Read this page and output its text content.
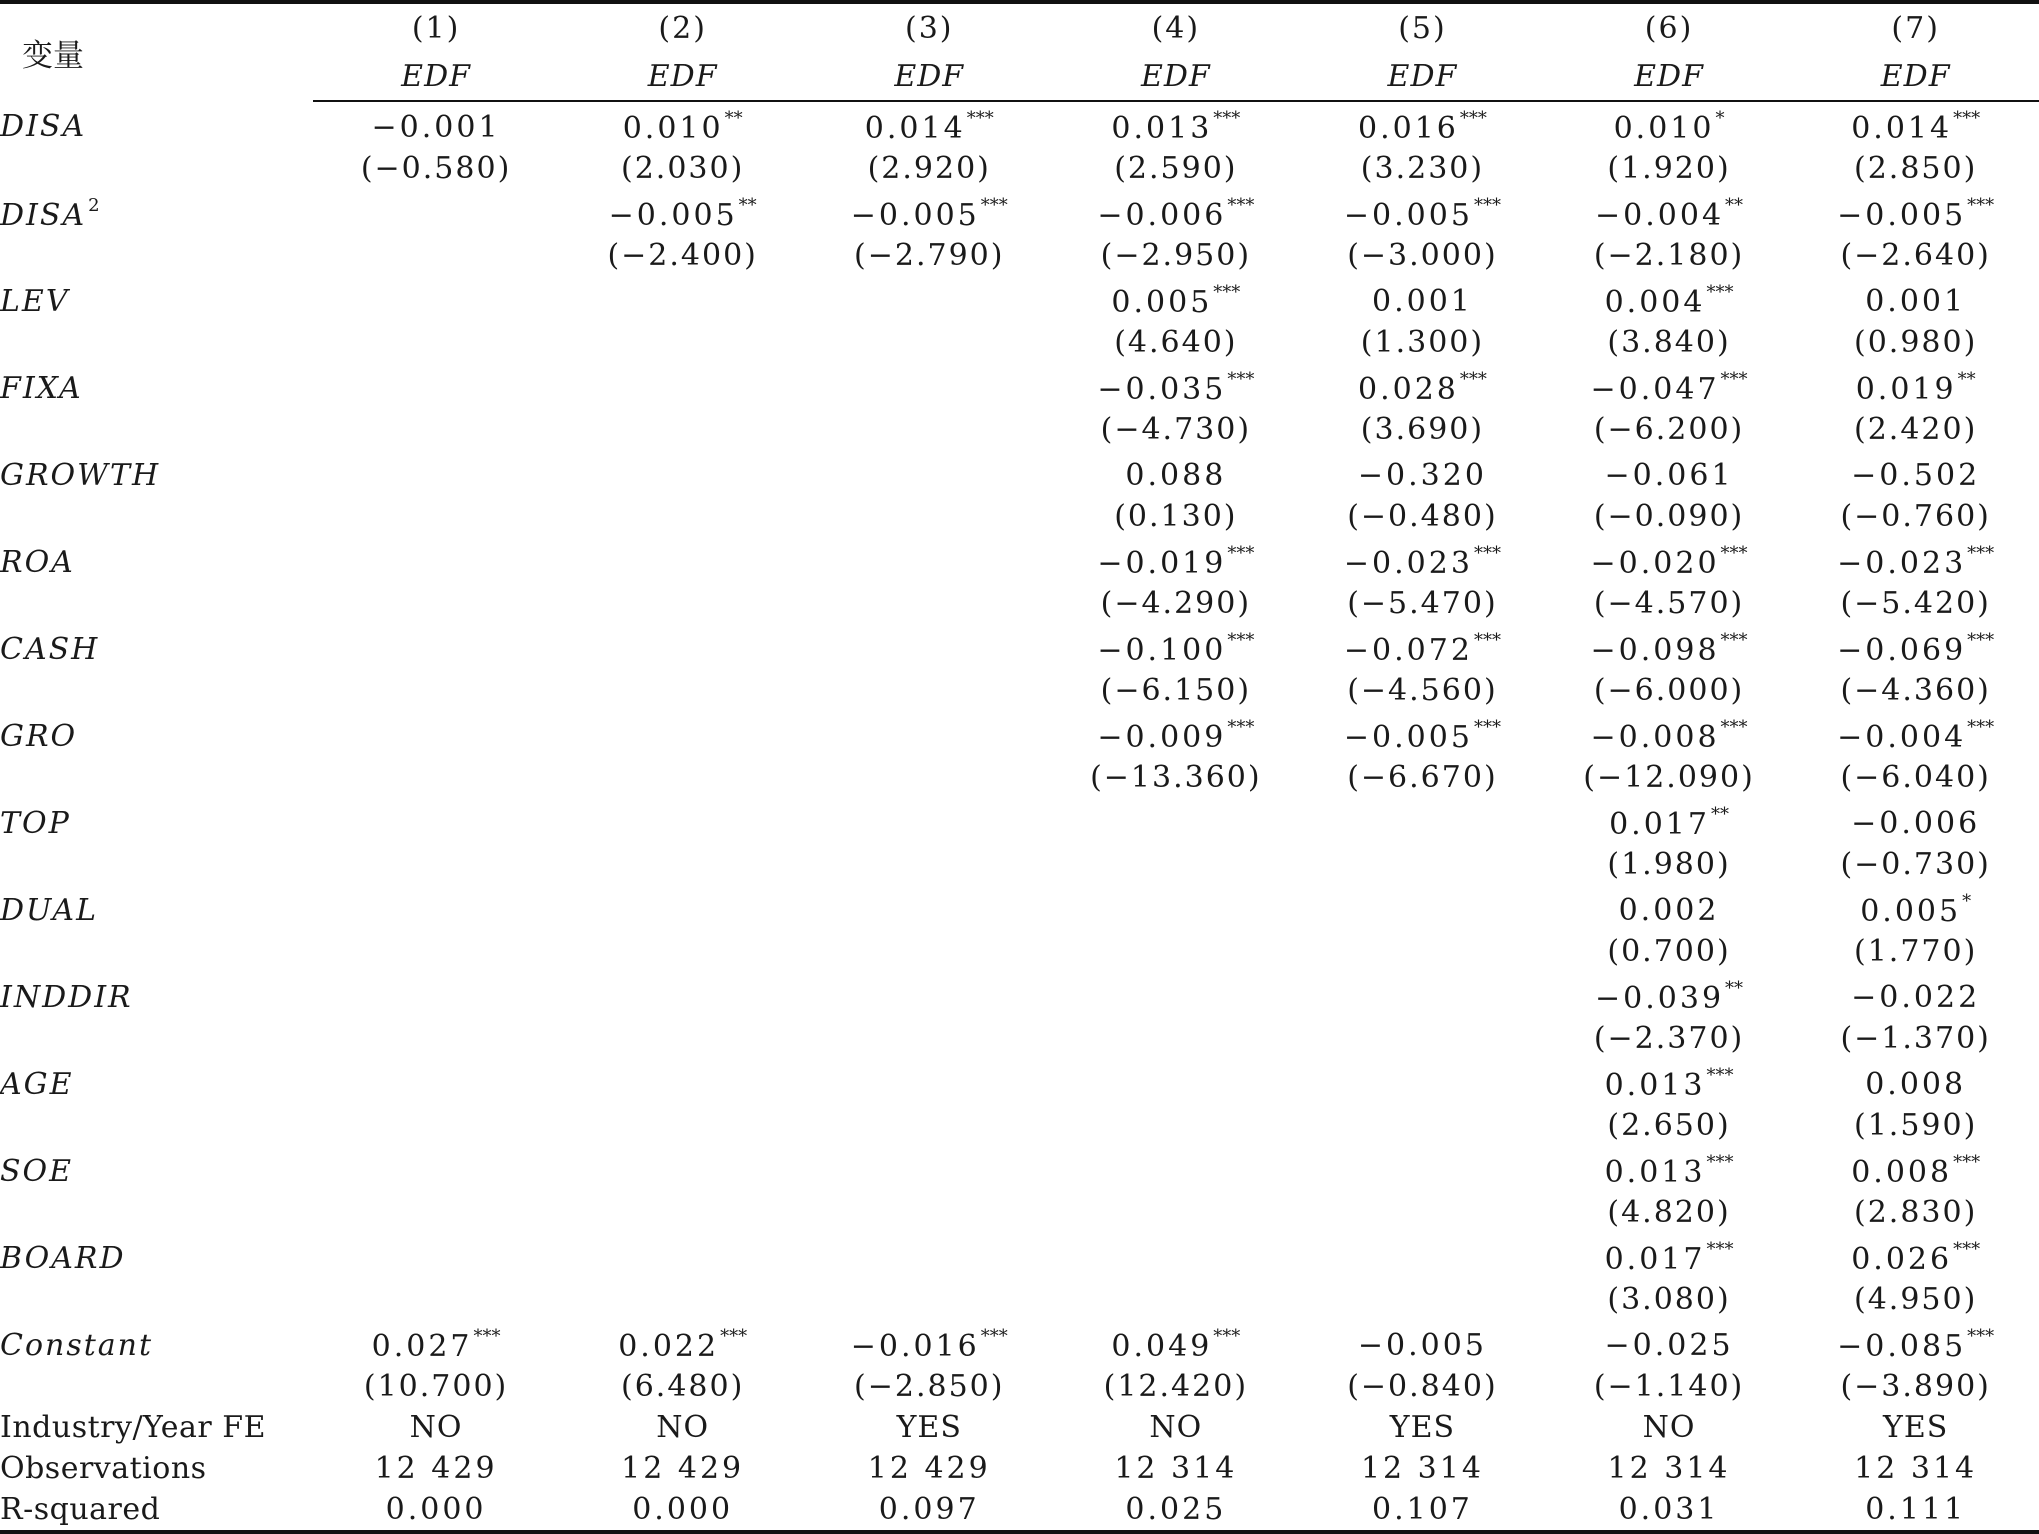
变量	(1)	(2)	(3)	(4)	(5)	(6)	(7)
	EDF	EDF	EDF	EDF	EDF	EDF	EDF
DISA	−0.001	0.010**	0.014***	0.013***	0.016***	0.010*	0.014***
	(−0.580)	(2.030)	(2.920)	(2.590)	(3.230)	(1.920)	(2.850)
DISA $^2$		−0.005**	−0.005***	−0.006***	−0.005***	−0.004**	−0.005***
		(−2.400)	(−2.790)	(−2.950)	(−3.000)	(−2.180)	(−2.640)
LEV				0.005***	0.001	0.004***	0.001
				(4.640)	(1.300)	(3.840)	(0.980)
FIXA				−0.035***	0.028***	−0.047***	0.019**
				(−4.730)	(3.690)	(−6.200)	(2.420)
GROWTH				0.088	−0.320	−0.061	−0.502
				(0.130)	(−0.480)	(−0.090)	(−0.760)
ROA				−0.019***	−0.023***	−0.020***	−0.023***
				(−4.290)	(−5.470)	(−4.570)	(−5.420)
CASH				−0.100***	−0.072***	−0.098***	−0.069***
				(−6.150)	(−4.560)	(−6.000)	(−4.360)
GRO				−0.009***	−0.005***	−0.008***	−0.004***
				(−13.360)	(−6.670)	(−12.090)	(−6.040)
TOP						0.017**	−0.006
						(1.980)	(−0.730)
DUAL						0.002	0.005*
						(0.700)	(1.770)
INDDIR						−0.039**	−0.022
						(−2.370)	(−1.370)
AGE						0.013***	0.008
						(2.650)	(1.590)
SOE						0.013***	0.008***
						(4.820)	(2.830)
BOARD						0.017***	0.026***
						(3.080)	(4.950)
Constant	0.027***	0.022***	−0.016***	0.049***	−0.005	−0.025	−0.085***
	(10.700)	(6.480)	(−2.850)	(12.420)	(−0.840)	(−1.140)	(−3.890)
Industry/Year FE	NO	NO	YES	NO	YES	NO	YES
Observations	12 429	12 429	12 429	12 314	12 314	12 314	12 314
R-squared	0.000	0.000	0.097	0.025	0.107	0.031	0.111
